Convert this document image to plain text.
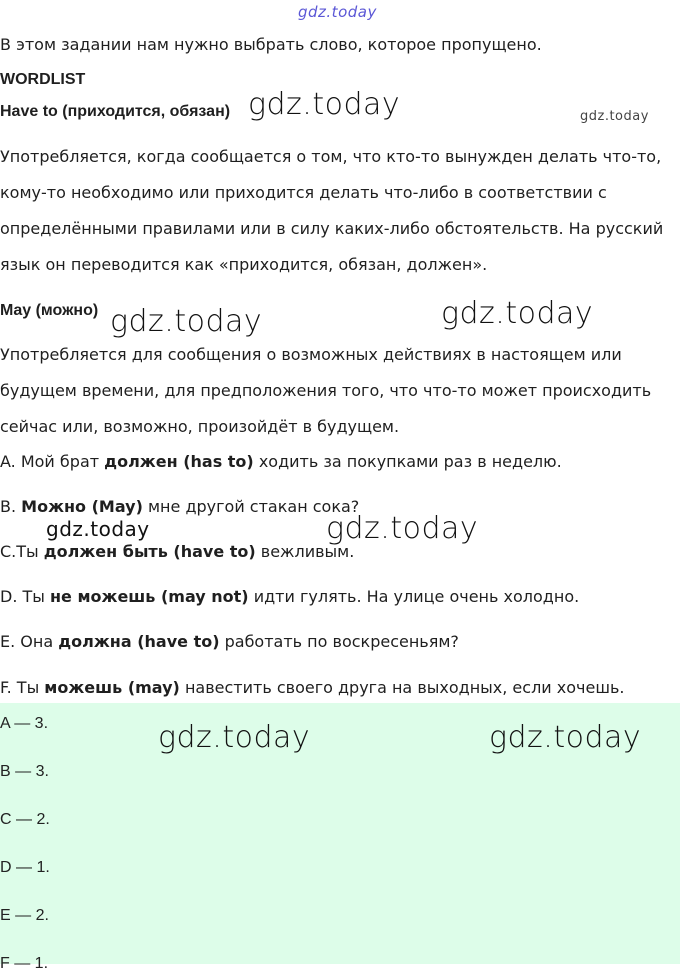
gdz.today
В этом задании нам нужно выбрать слово, которое пропущено.
WORDLIST
Have to (приходится, обязан) gdz.today	gdz.today
Употребляется, когда сообщается о том, что кто-то вынужден делать что-то,
кому-то необходимо или приходится делать что-либо в соответствии с
определёнными правилами или в силу каких-либо обстоятельств. На русский
язык он переводится как «приходится, обязан, должен».
May (можно) gdz.today	gdz.today
Употребляется для сообщения о возможных действиях в настоящем или
будущем времени, для предположения того, что что-то может происходить
сейчас или, возможно, произойдёт в будущем.
A. Мой брат должен (has to) ходить за покупками раз в неделю.
B. Можно (May) мне другой стакан сока?
gdz.today	gdz.today
C.Ты должен быть (have to) вежливым.
D. Ты не можешь (may not) идти гулять. На улице очень холодно.
E. Она должна (have to) работать по воскресеньям?
F. Ты можешь (may) навестить своего друга на выходных, если хочешь.
A — 3.
B — 3.
C — 2.
D — 1.
E — 2.
F — 1.
gdz.today	gdz.today
